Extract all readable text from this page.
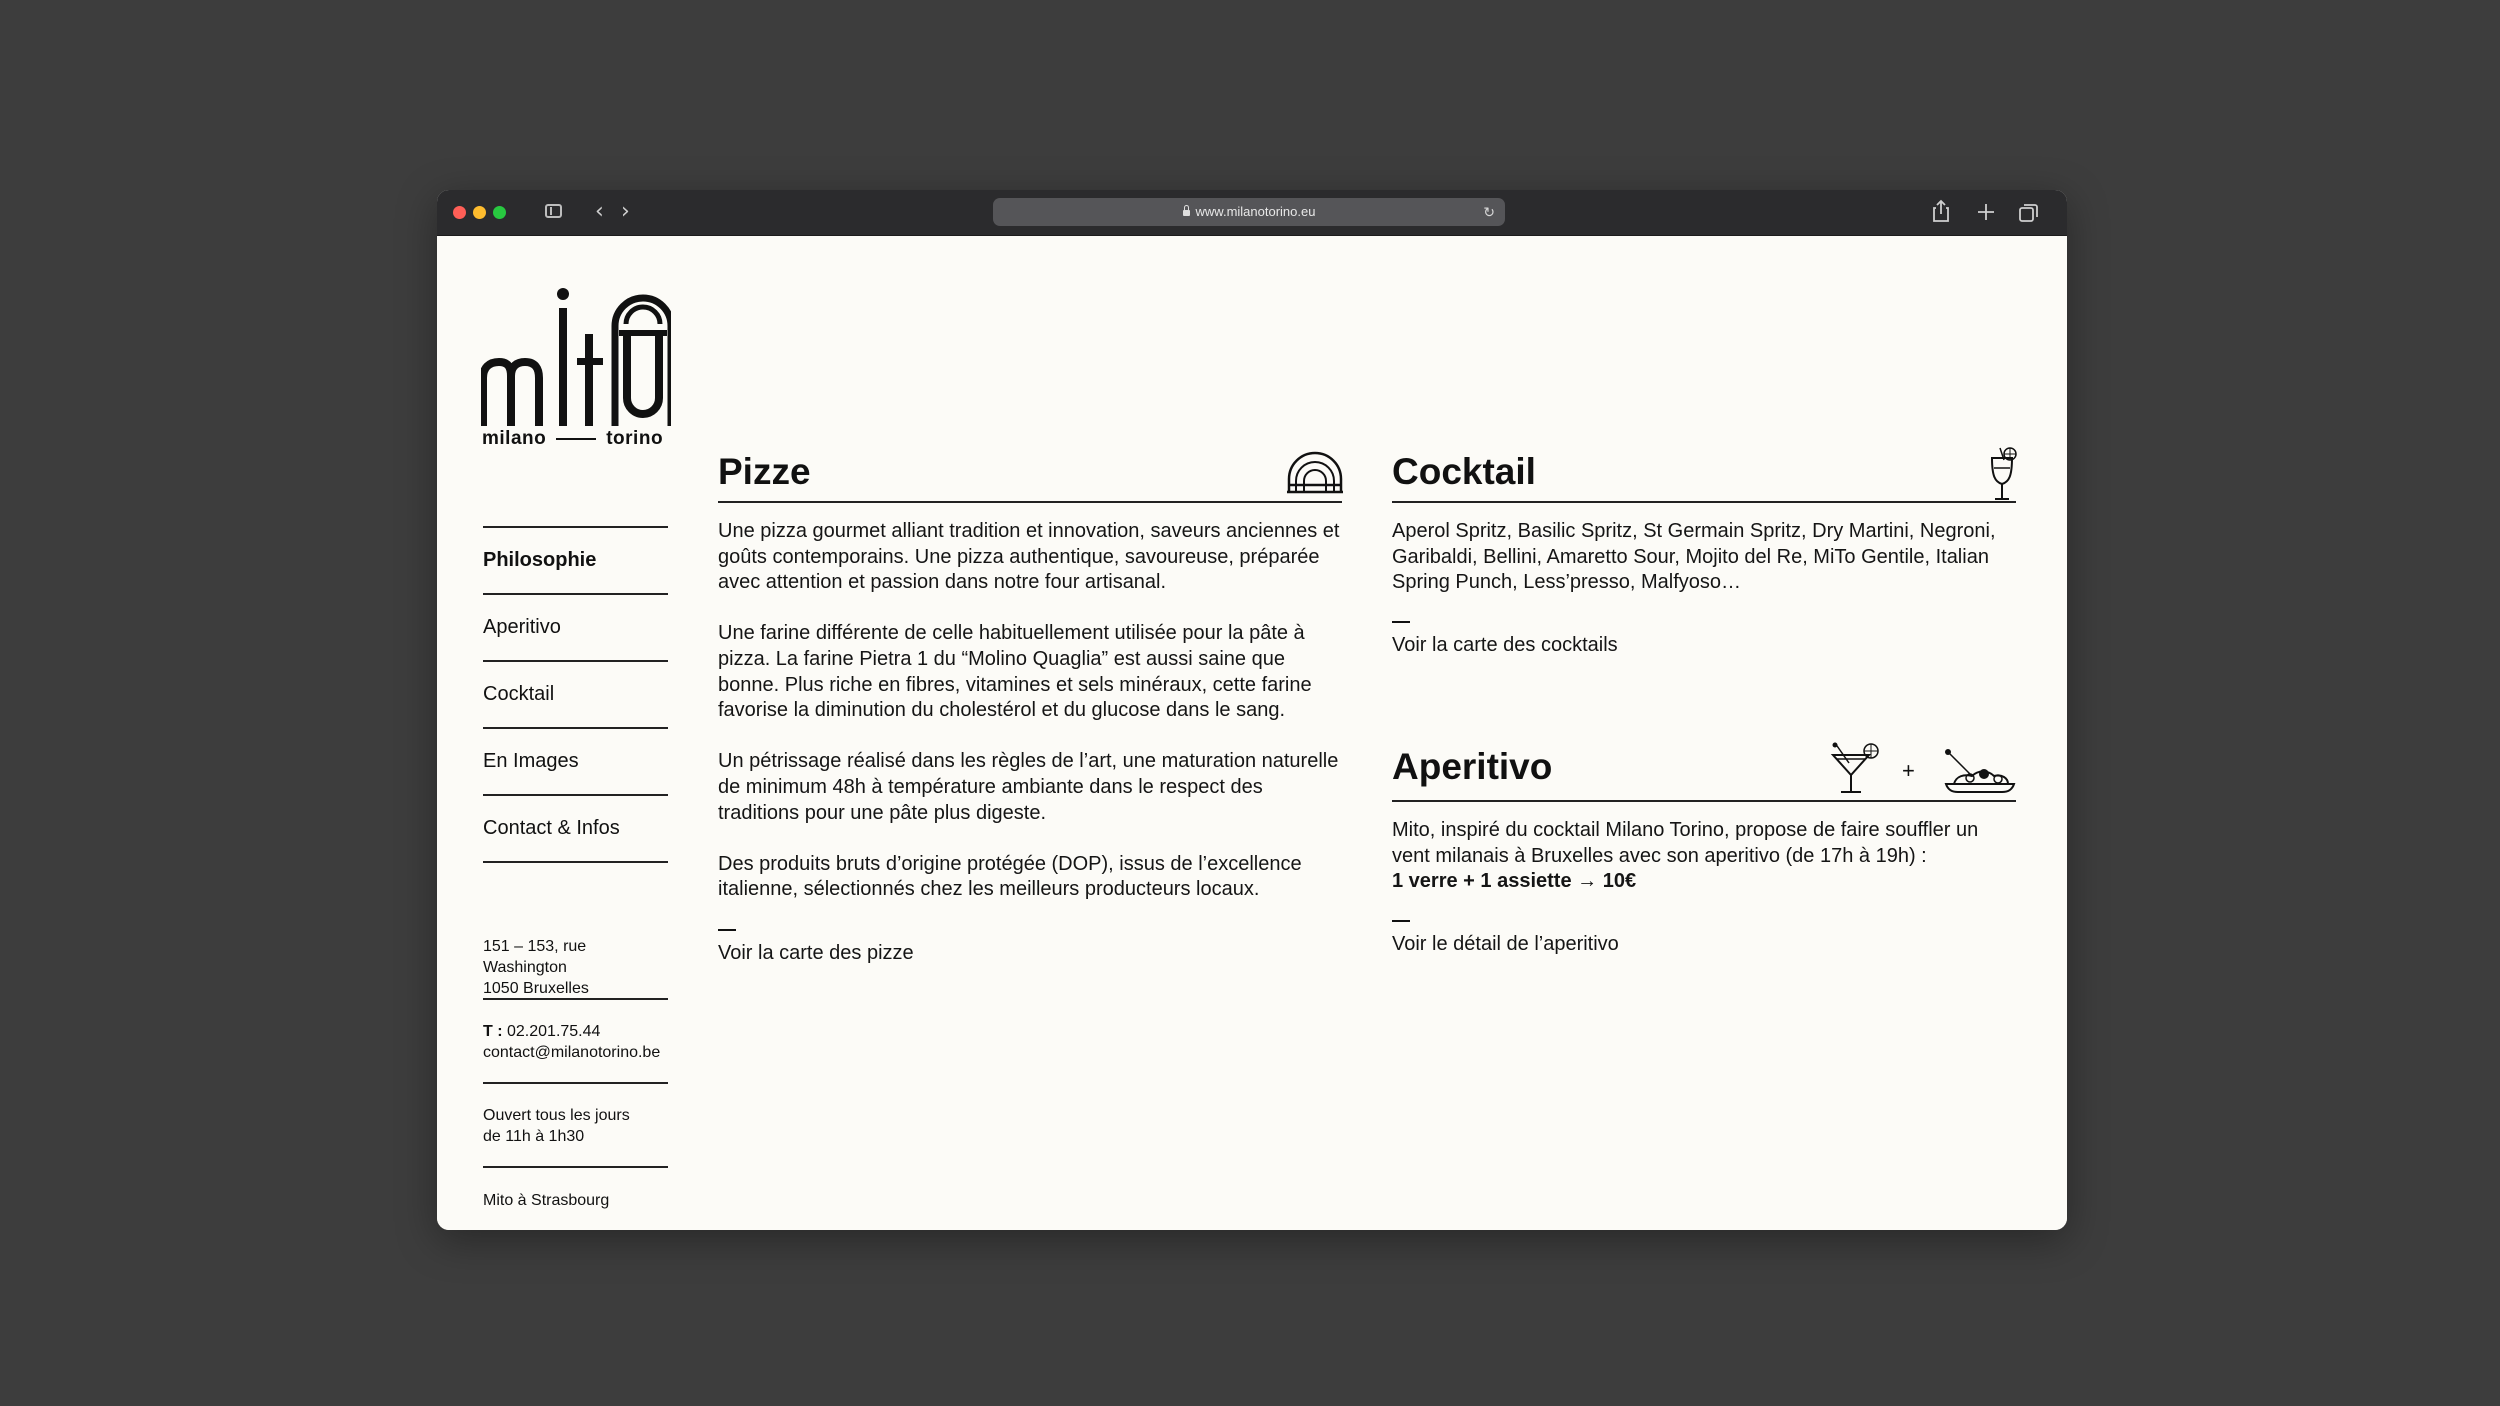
‹ ›	www.milanotorino.eu	↻
milano	torino
Philosophie
Aperitivo
Cocktail
En Images
Contact & Infos
151 – 153, rue Washington
1050 Bruxelles
T : 02.201.75.44
contact@milanotorino.be
Ouvert tous les jours
de 11h à 1h30
Mito à Strasbourg
Pizze

Une pizza gourmet alliant tradition et innovation, saveurs anciennes et goûts contemporains. Une pizza authentique, savoureuse, préparée avec attention et passion dans notre four artisanal.

Une farine différente de celle habituellement utilisée pour la pâte à pizza. La farine Pietra 1 du “Molino Quaglia” est aussi saine que bonne. Plus riche en fibres, vitamines et sels minéraux, cette farine favorise la diminution du cholestérol et du glucose dans le sang.

Un pétrissage réalisé dans les règles de l’art, une maturation naturelle de minimum 48h à température ambiante dans le respect des traditions pour une pâte plus digeste.

Des produits bruts d’origine protégée (DOP), issus de l’excellence italienne, sélectionnés chez les meilleurs producteurs locaux.

Voir la carte des pizze
Cocktail

Aperol Spritz, Basilic Spritz, St Germain Spritz, Dry Martini, Negroni, Garibaldi, Bellini, Amaretto Sour, Mojito del Re, MiTo Gentile, Italian Spring Punch, Less’presso, Malfyoso…

Voir la carte des cocktails
Aperitivo	+
Mito, inspiré du cocktail Milano Torino, propose de faire souffler un vent milanais à Bruxelles avec son aperitivo (de 17h à 19h) :

1 verre + 1 assiette → 10€

Voir le détail de l’aperitivo
